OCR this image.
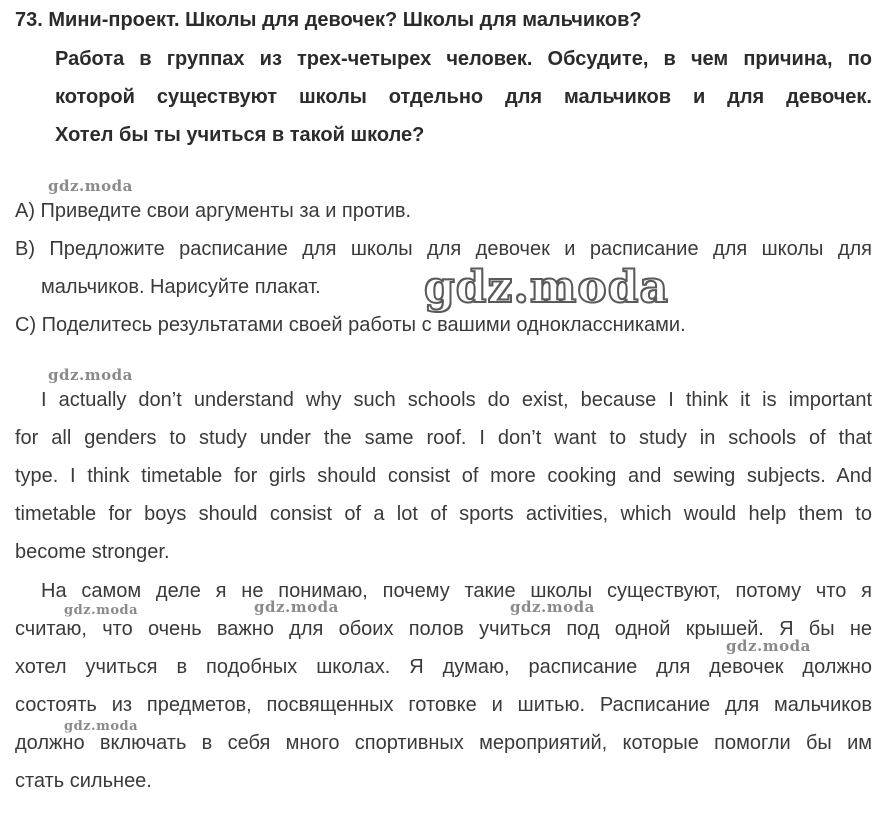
73. Мини-проект. Школы для девочек? Школы для мальчиков?
Работа в группах из трех-четырех человек. Обсудите, в чем причина, по
которой существуют школы отдельно для мальчиков и для девочек.
Хотел бы ты учиться в такой школе?
A) Приведите свои аргументы за и против.
B) Предложите расписание для школы для девочек и расписание для школы для
мальчиков. Нарисуйте плакат.
C) Поделитесь результатами своей работы с вашими одноклассниками.
I actually don’t understand why such schools do exist, because I think it is important
for all genders to study under the same roof. I don’t want to study in schools of that
type. I think timetable for girls should consist of more cooking and sewing subjects. And
timetable for boys should consist of a lot of sports activities, which would help them to
become stronger.
На самом деле я не понимаю, почему такие школы существуют, потому что я
считаю, что очень важно для обоих полов учиться под одной крышей. Я бы не
хотел учиться в подобных школах. Я думаю, расписание для девочек должно
состоять из предметов, посвященных готовке и шитью. Расписание для мальчиков
должно включать в себя много спортивных мероприятий, которые помогли бы им
стать сильнее.
gdz.moda
gdz.moda
gdz.moda
gdz.moda	gdz.moda	gdz.moda
gdz.moda
gdz.moda
